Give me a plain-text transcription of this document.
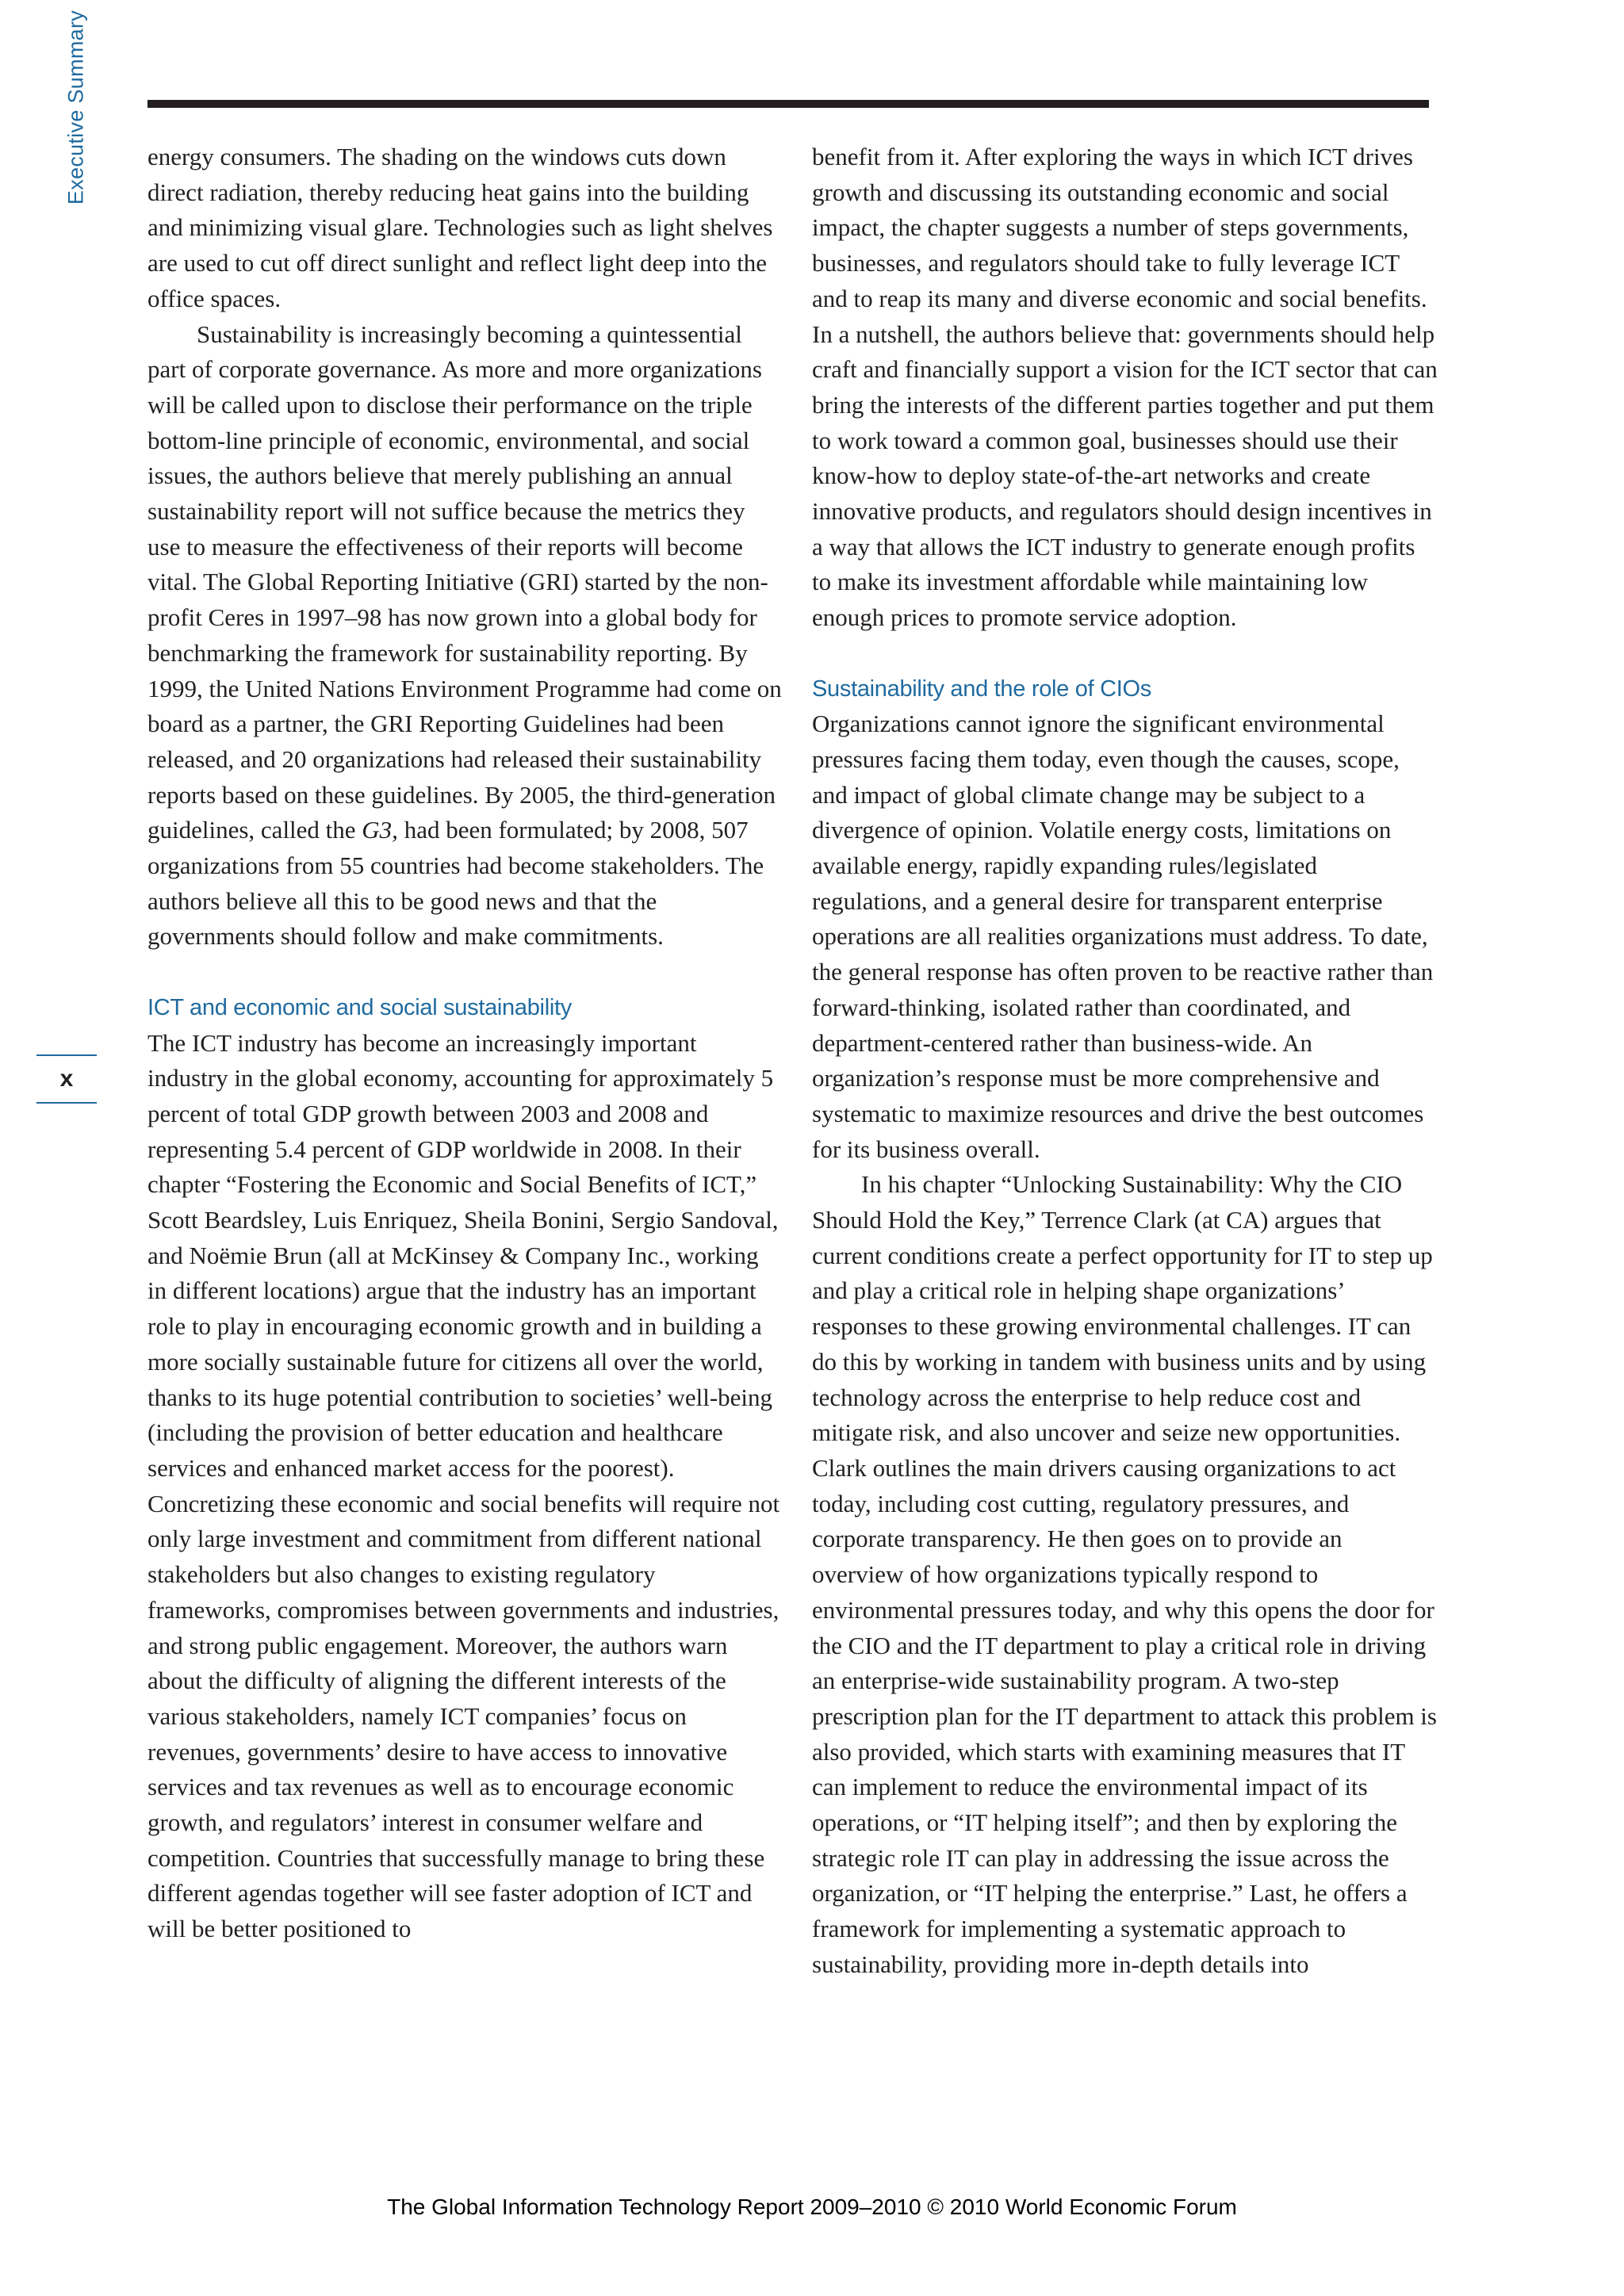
Executive Summary
x

energy consumers. The shading on the windows cuts down direct radiation, thereby reducing heat gains into the building and minimizing visual glare. Technologies such as light shelves are used to cut off direct sunlight and reflect light deep into the office spaces.

Sustainability is increasingly becoming a quintessential part of corporate governance. As more and more organizations will be called upon to disclose their performance on the triple bottom-line principle of economic, environmental, and social issues, the authors believe that merely publishing an annual sustainability report will not suffice because the metrics they use to measure the effectiveness of their reports will become vital. The Global Reporting Initiative (GRI) started by the non-profit Ceres in 1997–98 has now grown into a global body for benchmarking the framework for sustainability reporting. By 1999, the United Nations Environment Programme had come on board as a partner, the GRI Reporting Guidelines had been released, and 20 organizations had released their sustainability reports based on these guidelines. By 2005, the third-generation guidelines, called the G3, had been formulated; by 2008, 507 organizations from 55 countries had become stakeholders. The authors believe all this to be good news and that the governments should follow and make commitments.

ICT and economic and social sustainability

The ICT industry has become an increasingly important industry in the global economy, accounting for approximately 5 percent of total GDP growth between 2003 and 2008 and representing 5.4 percent of GDP worldwide in 2008. In their chapter “Fostering the Economic and Social Benefits of ICT,” Scott Beardsley, Luis Enriquez, Sheila Bonini, Sergio Sandoval, and Noëmie Brun (all at McKinsey & Company Inc., working in different locations) argue that the industry has an important role to play in encouraging economic growth and in building a more socially sustainable future for citizens all over the world, thanks to its huge potential contribution to societies’ well-being (including the provision of better education and healthcare services and enhanced market access for the poorest). Concretizing these economic and social benefits will require not only large investment and commitment from different national stakeholders but also changes to existing regulatory frameworks, compromises between governments and industries, and strong public engagement. Moreover, the authors warn about the difficulty of aligning the different interests of the various stakeholders, namely ICT companies’ focus on revenues, governments’ desire to have access to innovative services and tax revenues as well as to encourage economic growth, and regulators’ interest in consumer welfare and competition. Countries that successfully manage to bring these different agendas together will see faster adoption of ICT and will be better positioned to

benefit from it. After exploring the ways in which ICT drives growth and discussing its outstanding economic and social impact, the chapter suggests a number of steps governments, businesses, and regulators should take to fully leverage ICT and to reap its many and diverse economic and social benefits. In a nutshell, the authors believe that: governments should help craft and financially support a vision for the ICT sector that can bring the interests of the different parties together and put them to work toward a common goal, businesses should use their know-how to deploy state-of-the-art networks and create innovative products, and regulators should design incentives in a way that allows the ICT industry to generate enough profits to make its investment affordable while maintaining low enough prices to promote service adoption.

Sustainability and the role of CIOs

Organizations cannot ignore the significant environmental pressures facing them today, even though the causes, scope, and impact of global climate change may be subject to a divergence of opinion. Volatile energy costs, limitations on available energy, rapidly expanding rules/legislated regulations, and a general desire for transparent enterprise operations are all realities organizations must address. To date, the general response has often proven to be reactive rather than forward-thinking, isolated rather than coordinated, and department-centered rather than business-wide. An organization’s response must be more comprehensive and systematic to maximize resources and drive the best outcomes for its business overall.

In his chapter “Unlocking Sustainability: Why the CIO Should Hold the Key,” Terrence Clark (at CA) argues that current conditions create a perfect opportunity for IT to step up and play a critical role in helping shape organizations’ responses to these growing environmental challenges. IT can do this by working in tandem with business units and by using technology across the enterprise to help reduce cost and mitigate risk, and also uncover and seize new opportunities. Clark outlines the main drivers causing organizations to act today, including cost cutting, regulatory pressures, and corporate transparency. He then goes on to provide an overview of how organizations typically respond to environmental pressures today, and why this opens the door for the CIO and the IT department to play a critical role in driving an enterprise-wide sustainability program. A two-step prescription plan for the IT department to attack this problem is also provided, which starts with examining measures that IT can implement to reduce the environmental impact of its operations, or “IT helping itself”; and then by exploring the strategic role IT can play in addressing the issue across the organization, or “IT helping the enterprise.” Last, he offers a framework for implementing a systematic approach to sustainability, providing more in-depth details into

The Global Information Technology Report 2009–2010 © 2010 World Economic Forum
